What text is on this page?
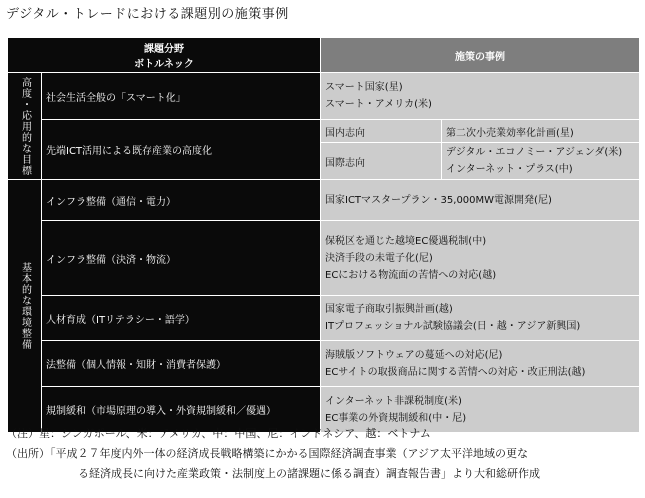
デジタル・トレードにおける課題別の施策事例
課題分野
ボトルネック
施策の事例
高度・応用的な目標	社会生活全般の「スマート化」
スマート国家(星)
スマート・アメリカ(米)
先端ICT活用による既存産業の高度化
国内志向
国際志向
第二次小売業効率化計画(星)
デジタル・エコノミー・アジェンダ(米)
インターネット・プラス(中)
基本的な環境整備
インフラ整備（通信・電力）	国家ICTマスタープラン・35,000MW電源開発(尼)
インフラ整備（決済・物流）
保税区を通じた越境EC優遇税制(中)
決済手段の未電子化(尼)
ECにおける物流面の苦情への対応(越)
人材育成（ITリテラシー・語学）
国家電子商取引振興計画(越)
ITプロフェッショナル試験協議会(日・越・アジア新興国)
法整備（個人情報・知財・消費者保護）
海賊版ソフトウェアの蔓延への対応(尼)
ECサイトの取扱商品に関する苦情への対応・改正刑法(越)
規制緩和（市場原理の導入・外資規制緩和／優遇）
インターネット非課税制度(米)
EC事業の外資規制緩和(中・尼)
（注）星：シンガポール、米：アメリカ、中：中国、尼：インドネシア、越：ベトナム
（出所）「平成２７年度内外一体の経済成長戦略構築にかかる国際経済調査事業（アジア太平洋地域の更な
る経済成長に向けた産業政策・法制度上の諸課題に係る調査）調査報告書」より大和総研作成
